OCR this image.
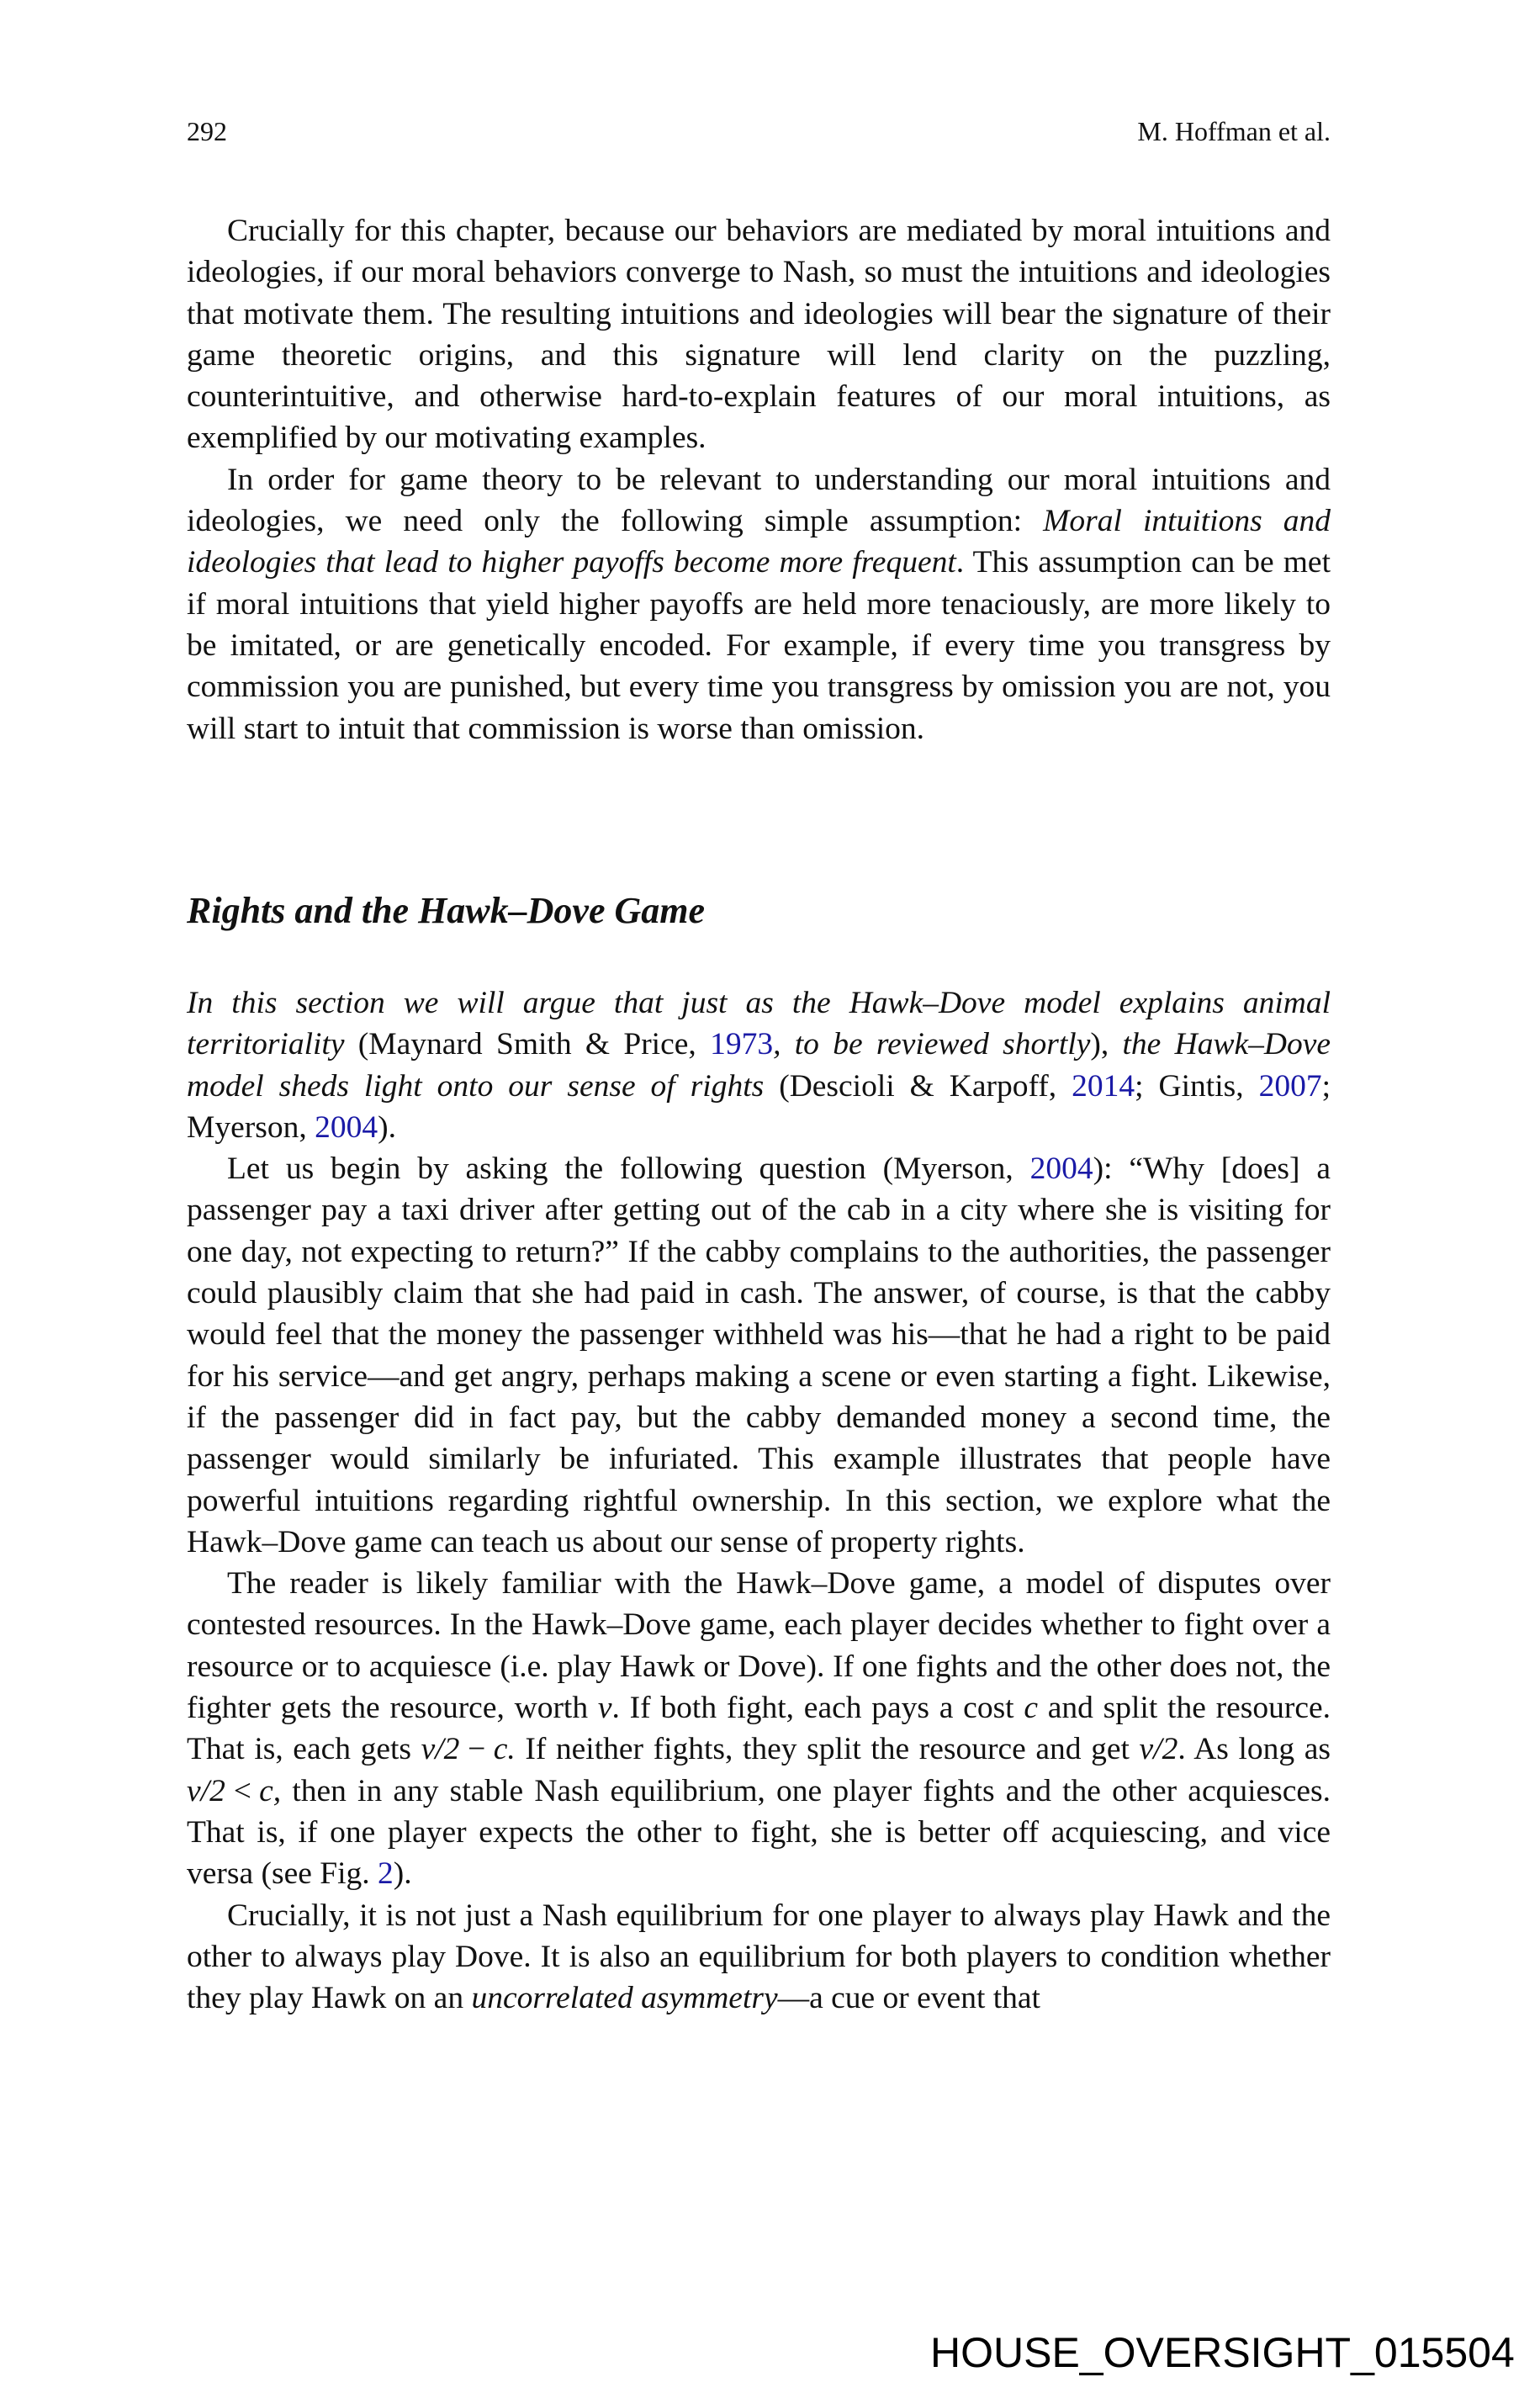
292	M. Hoffman et al.

Crucially for this chapter, because our behaviors are mediated by moral intuitions and ideologies, if our moral behaviors converge to Nash, so must the intuitions and ideologies that motivate them. The resulting intuitions and ideologies will bear the signature of their game theoretic origins, and this signature will lend clarity on the puzzling, counterintuitive, and otherwise hard-to-explain features of our moral intuitions, as exemplified by our motivating examples.

In order for game theory to be relevant to understanding our moral intuitions and ideologies, we need only the following simple assumption: Moral intuitions and ideologies that lead to higher payoffs become more frequent. This assumption can be met if moral intuitions that yield higher payoffs are held more tenaciously, are more likely to be imitated, or are genetically encoded. For example, if every time you transgress by commission you are punished, but every time you transgress by omission you are not, you will start to intuit that commission is worse than omission.

Rights and the Hawk–Dove Game

In this section we will argue that just as the Hawk–Dove model explains animal territoriality (Maynard Smith & Price, 1973, to be reviewed shortly), the Hawk–Dove model sheds light onto our sense of rights (Descioli & Karpoff, 2014; Gintis, 2007; Myerson, 2004).

Let us begin by asking the following question (Myerson, 2004): “Why [does] a passenger pay a taxi driver after getting out of the cab in a city where she is visiting for one day, not expecting to return?” If the cabby complains to the authorities, the passenger could plausibly claim that she had paid in cash. The answer, of course, is that the cabby would feel that the money the passenger withheld was his—that he had a right to be paid for his service—and get angry, perhaps making a scene or even starting a fight. Likewise, if the passenger did in fact pay, but the cabby demanded money a second time, the passenger would similarly be infuriated. This example illustrates that people have powerful intuitions regarding rightful ownership. In this section, we explore what the Hawk–Dove game can teach us about our sense of property rights.

The reader is likely familiar with the Hawk–Dove game, a model of disputes over contested resources. In the Hawk–Dove game, each player decides whether to fight over a resource or to acquiesce (i.e. play Hawk or Dove). If one fights and the other does not, the fighter gets the resource, worth v. If both fight, each pays a cost c and split the resource. That is, each gets v/2 − c. If neither fights, they split the resource and get v/2. As long as v/2 < c, then in any stable Nash equilibrium, one player fights and the other acquiesces. That is, if one player expects the other to fight, she is better off acquiescing, and vice versa (see Fig. 2).

Crucially, it is not just a Nash equilibrium for one player to always play Hawk and the other to always play Dove. It is also an equilibrium for both players to condition whether they play Hawk on an uncorrelated asymmetry—a cue or event that

HOUSE_OVERSIGHT_015504
